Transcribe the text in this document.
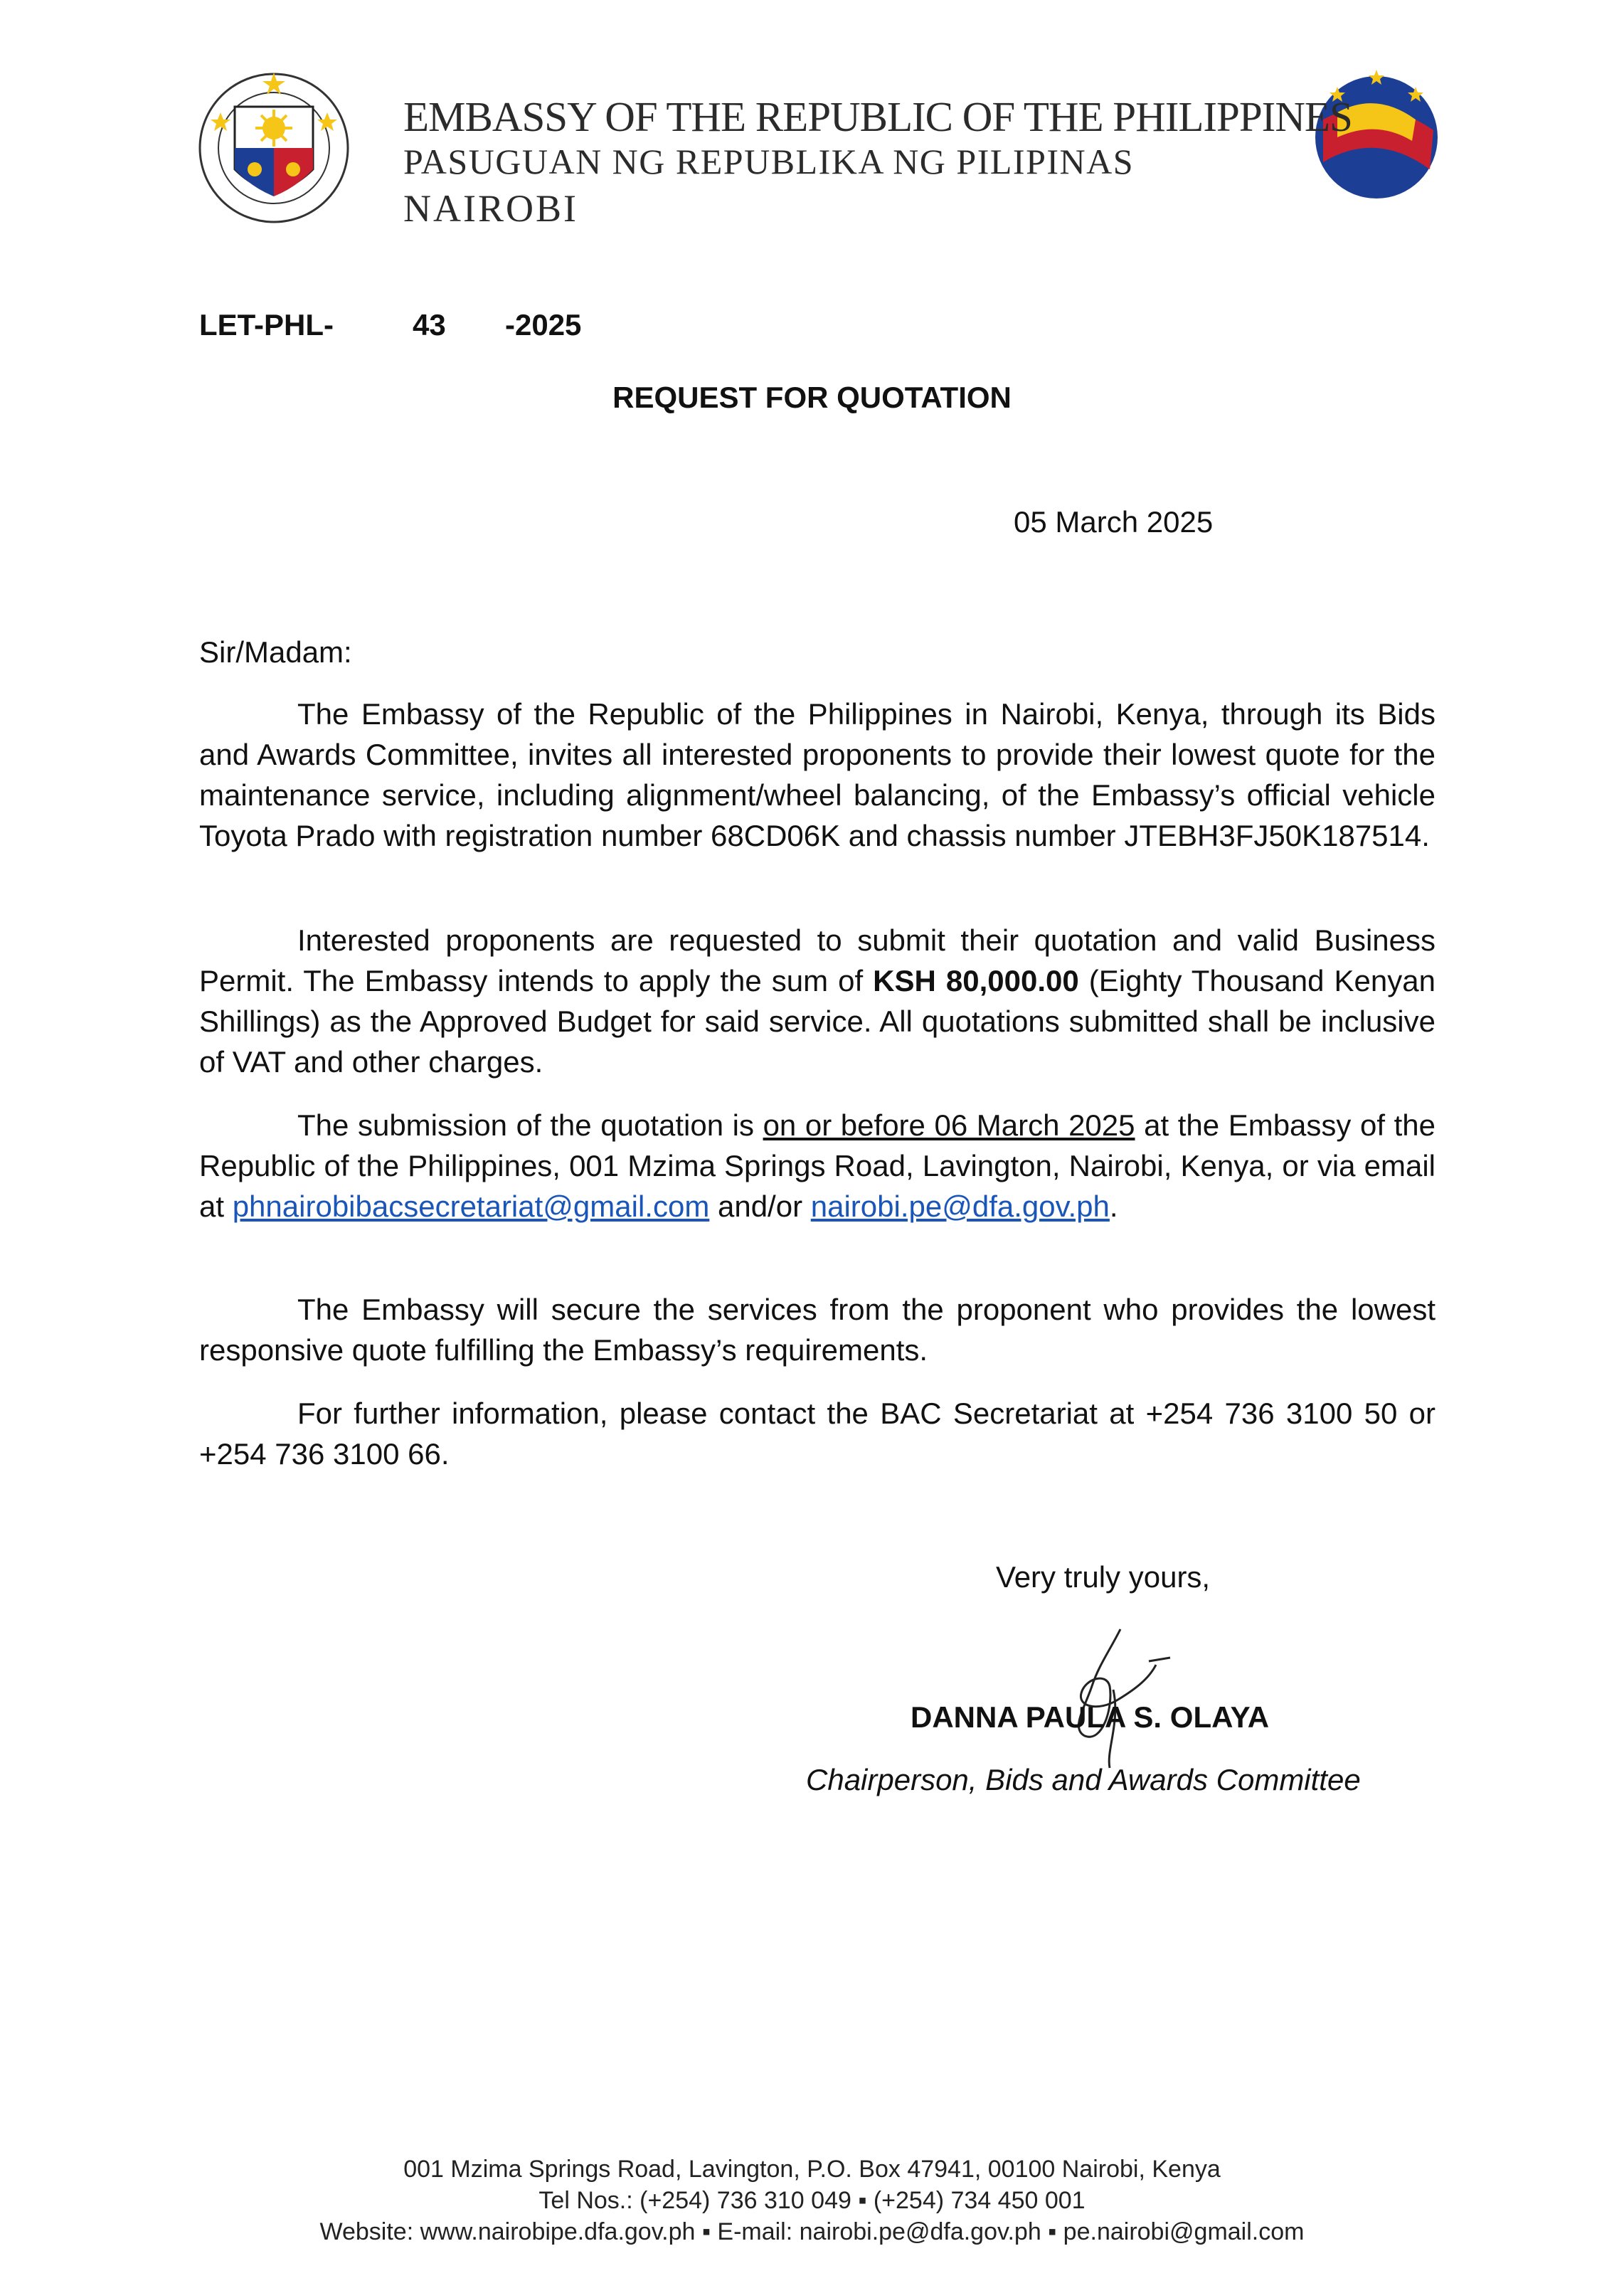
EMBASSY OF THE REPUBLIC OF THE PHILIPPINES
PASUGUAN NG REPUBLIKA NG PILIPINAS
NAIROBI
LET-PHL-	43 -2025
REQUEST FOR QUOTATION
05 March 2025
Sir/Madam:

The Embassy of the Republic of the Philippines in Nairobi, Kenya, through its Bids and Awards Committee, invites all interested proponents to provide their lowest quote for the maintenance service, including alignment/wheel balancing, of the Embassy’s official vehicle Toyota Prado with registration number 68CD06K and chassis number JTEBH3FJ50K187514.

Interested proponents are requested to submit their quotation and valid Business Permit. The Embassy intends to apply the sum of KSH 80,000.00 (Eighty Thousand Kenyan Shillings) as the Approved Budget for said service. All quotations submitted shall be inclusive of VAT and other charges.

The submission of the quotation is on or before 06 March 2025 at the Embassy of the Republic of the Philippines, 001 Mzima Springs Road, Lavington, Nairobi, Kenya, or via email at phnairobibacsecretariat@gmail.com and/or nairobi.pe@dfa.gov.ph.

The Embassy will secure the services from the proponent who provides the lowest responsive quote fulfilling the Embassy’s requirements.

For further information, please contact the BAC Secretariat at +254 736 3100 50 or +254 736 3100 66.

Very truly yours,
DANNA PAULA S. OLAYA
Chairperson, Bids and Awards Committee
001 Mzima Springs Road, Lavington, P.O. Box 47941, 00100 Nairobi, Kenya
Tel Nos.: (+254) 736 310 049 ▪ (+254) 734 450 001
Website: www.nairobipe.dfa.gov.ph ▪ E-mail: nairobi.pe@dfa.gov.ph ▪ pe.nairobi@gmail.com
